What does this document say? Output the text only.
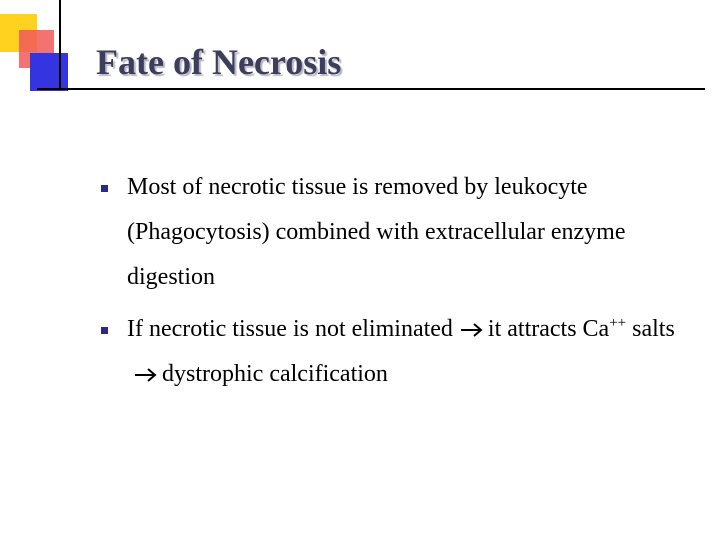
Fate of Necrosis
Most of necrotic tissue is removed by leukocyte (Phagocytosis) combined with extracellular enzyme digestion
If necrotic tissue is not eliminated it attracts Ca++ saltsdystrophic calcification
